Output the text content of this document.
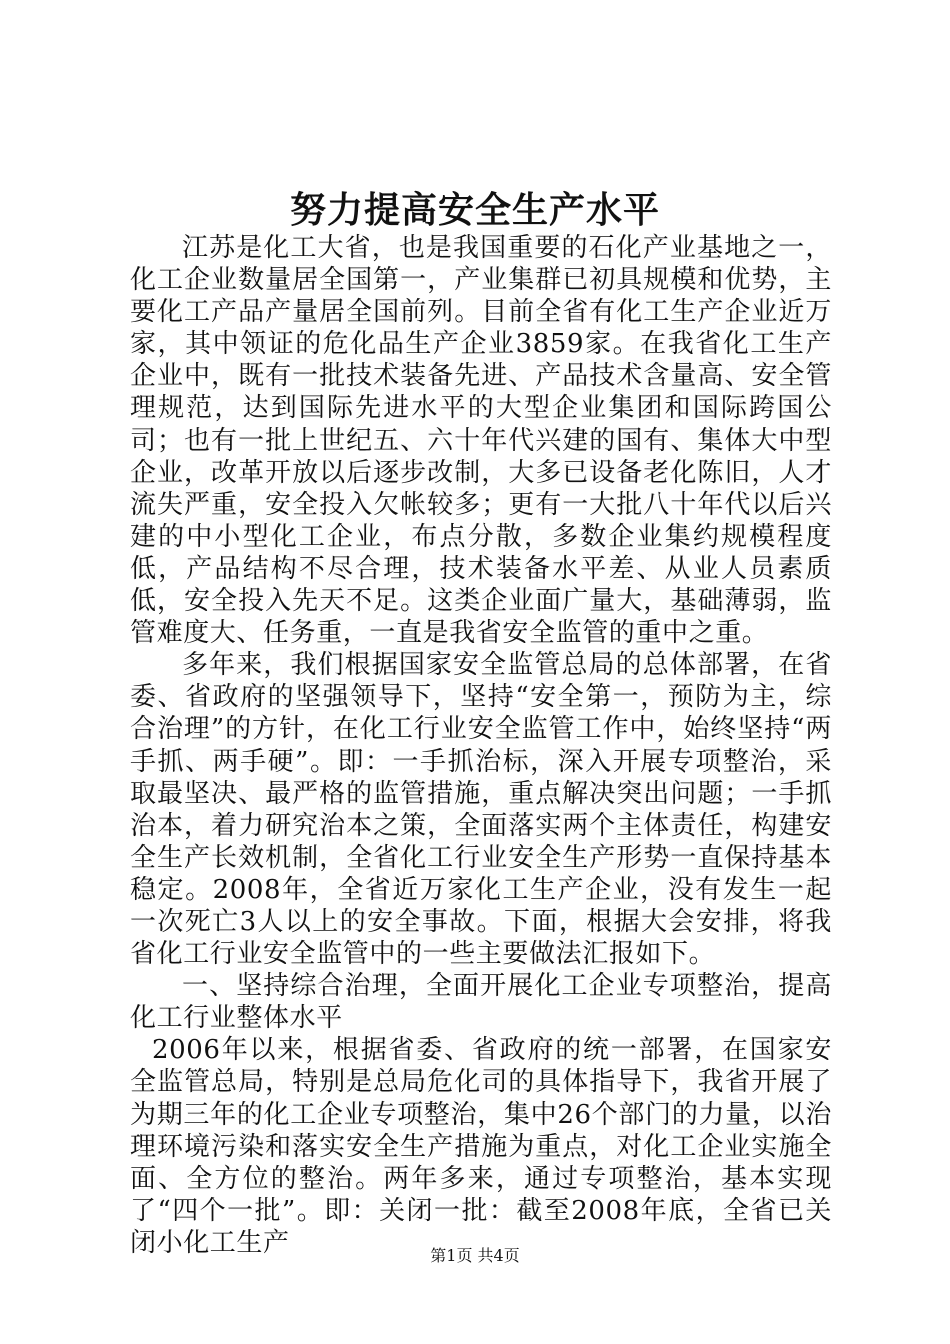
努力提高安全生产水平

江苏是化工大省，也是我国重要的石化产业基地之一，化工企业数量居全国第一，产业集群已初具规模和优势，主要化工产品产量居全国前列。目前全省有化工生产企业近万家，其中领证的危化品生产企业3859家。在我省化工生产企业中，既有一批技术装备先进、产品技术含量高、安全管理规范，达到国际先进水平的大型企业集团和国际跨国公司；也有一批上世纪五、六十年代兴建的国有、集体大中型企业，改革开放以后逐步改制，大多已设备老化陈旧，人才流失严重，安全投入欠帐较多；更有一大批八十年代以后兴建的中小型化工企业，布点分散，多数企业集约规模程度低，产品结构不尽合理，技术装备水平差、从业人员素质低，安全投入先天不足。这类企业面广量大，基础薄弱，监管难度大、任务重，一直是我省安全监管的重中之重。

多年来，我们根据国家安全监管总局的总体部署，在省委、省政府的坚强领导下，坚持“安全第一，预防为主，综合治理”的方针，在化工行业安全监管工作中，始终坚持“两手抓、两手硬”。即：一手抓治标，深入开展专项整治，采取最坚决、最严格的监管措施，重点解决突出问题；一手抓治本，着力研究治本之策，全面落实两个主体责任，构建安全生产长效机制，全省化工行业安全生产形势一直保持基本稳定。2008年，全省近万家化工生产企业，没有发生一起一次死亡3人以上的安全事故。下面，根据大会安排，将我省化工行业安全监管中的一些主要做法汇报如下。

一、坚持综合治理，全面开展化工企业专项整治，提高化工行业整体水平

2006年以来，根据省委、省政府的统一部署，在国家安全监管总局，特别是总局危化司的具体指导下，我省开展了为期三年的化工企业专项整治，集中26个部门的力量，以治理环境污染和落实安全生产措施为重点，对化工企业实施全面、全方位的整治。两年多来，通过专项整治，基本实现了“四个一批”。即：关闭一批：截至2008年底，全省已关闭小化工生产	第1页 共4页
